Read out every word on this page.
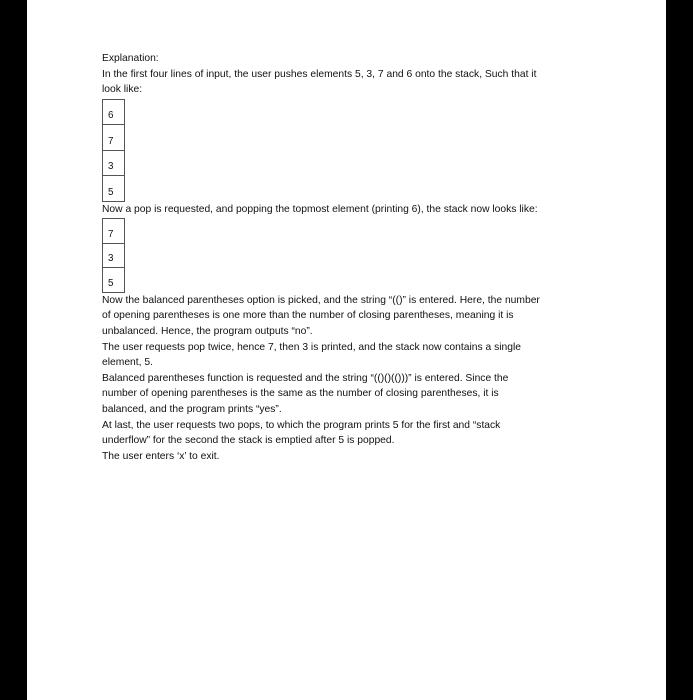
Explanation:
In the first four lines of input, the user pushes elements 5, 3, 7 and 6 onto the stack, Such that it
look like:
6
7
3
5
Now a pop is requested, and popping the topmost element (printing 6), the stack now looks like:
7
3
5
Now the balanced parentheses option is picked, and the string “(()” is entered. Here, the number
of opening parentheses is one more than the number of closing parentheses, meaning it is
unbalanced. Hence, the program outputs “no”.
The user requests pop twice, hence 7, then 3 is printed, and the stack now contains a single
element, 5.
Balanced parentheses function is requested and the string “(()()(()))” is entered. Since the
number of opening parentheses is the same as the number of closing parentheses, it is
balanced, and the program prints “yes”.
At last, the user requests two pops, to which the program prints 5 for the first and “stack
underflow” for the second the stack is emptied after 5 is popped.
The user enters ‘x’ to exit.
